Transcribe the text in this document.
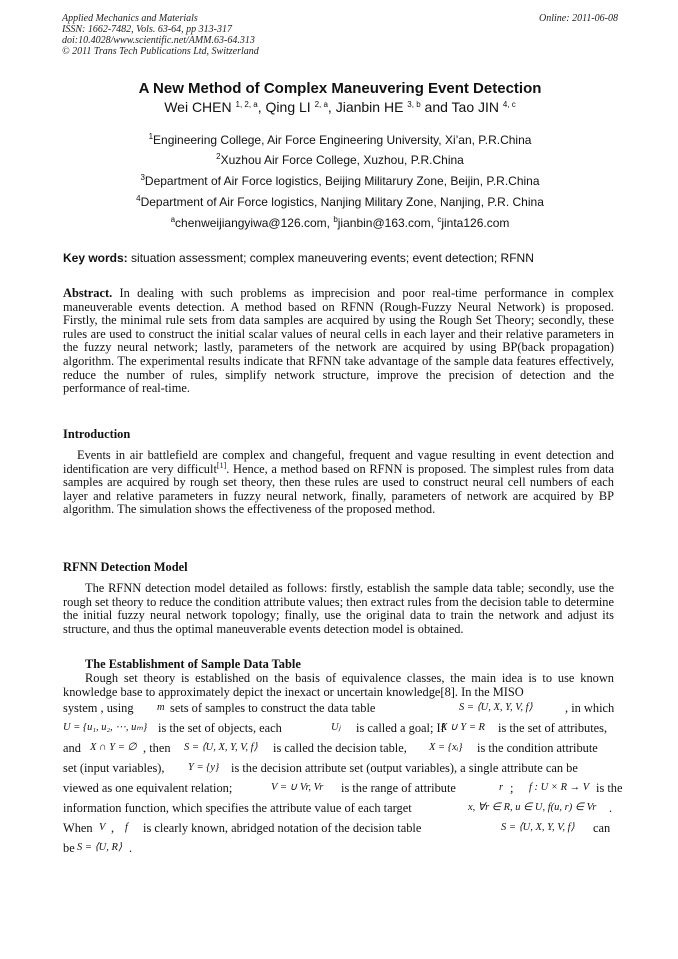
Applied Mechanics and Materials
ISSN: 1662-7482, Vols. 63-64, pp 313-317
doi:10.4028/www.scientific.net/AMM.63-64.313
© 2011 Trans Tech Publications Ltd, Switzerland
Online: 2011-06-08
A New Method of Complex Maneuvering Event Detection
Wei CHEN $^{1, 2, a}$, Qing LI $^{2, a}$, Jianbin HE $^{3, b}$ and Tao JIN $^{4, c}$
$^1$Engineering College, Air Force Engineering University, Xi’an, P.R.China
$^2$Xuzhou Air Force College, Xuzhou, P.R.China
$^3$Department of Air Force logistics, Beijing Militarury Zone, Beijin, P.R.China
$^4$Department of Air Force logistics, Nanjing Military Zone, Nanjing, P.R. China
$^a$chenweijiangyiwa@126.com, $^b$jianbin@163.com, $^c$jinta126.com
Key words: situation assessment; complex maneuvering events; event detection; RFNN
Abstract. In dealing with such problems as imprecision and poor real-time performance in complex maneuverable events detection. A method based on RFNN (Rough-Fuzzy Neural Network) is proposed. Firstly, the minimal rule sets from data samples are acquired by using the Rough Set Theory; secondly, these rules are used to construct the initial scalar values of neural cells in each layer and their relative parameters in the fuzzy neural network; lastly, parameters of the network are acquired by using BP(back propagation) algorithm. The experimental results indicate that RFNN take advantage of the sample data features effectively, reduce the number of rules, simplify network structure, improve the precision of detection and the performance of real-time.
Introduction
Events in air battlefield are complex and changeful, frequent and vague resulting in event detection and identification are very difficult[1]. Hence, a method based on RFNN is proposed. The simplest rules from data samples are acquired by rough set theory, then these rules are used to construct neural cell numbers of each layer and relative parameters in fuzzy neural network, finally, parameters of network are acquired by BP algorithm. The simulation shows the effectiveness of the proposed method.
RFNN Detection Model
The RFNN detection model detailed as follows: firstly, establish the sample data table; secondly, use the rough set theory to reduce the condition attribute values; then extract rules from the decision table to determine the initial fuzzy neural network topology; finally, use the original data to train the network and adjust its structure, and thus the optimal maneuverable events detection model is obtained.
The Establishment of Sample Data Table
Rough set theory is established on the basis of equivalence classes, the main idea is to use known knowledge base to approximately depict the inexact or uncertain knowledge[8]. In the MISO
system , using m sets of samples to construct the data table	S = ⟨U, X, Y, V, f⟩	, in which
U = {u₁, u₂, ⋯, uₘ} is the set of objects, each	Uⱼ is called a goal; If
X ∪ Y = R is the set of attributes,
and X ∩ Y = ∅ , then S = ⟨U, X, Y, V, f⟩ is called the decision table, X = {xᵢ} is the condition attribute
set (input variables), Y = {y} is the decision attribute set (output variables), a single attribute can be
viewed as one equivalent relation;	V = ∪ Vr, Vr is the range of attribute	r ; f : U × R → V is the
information function, which specifies the attribute value of each target	x, ∀r ∈ R, u ∈ U, f(u, r) ∈ Vr .
When V , f is clearly known, abridged notation of the decision table	S = ⟨U, X, Y, V, f⟩ can
be S = ⟨U, R⟩ .
